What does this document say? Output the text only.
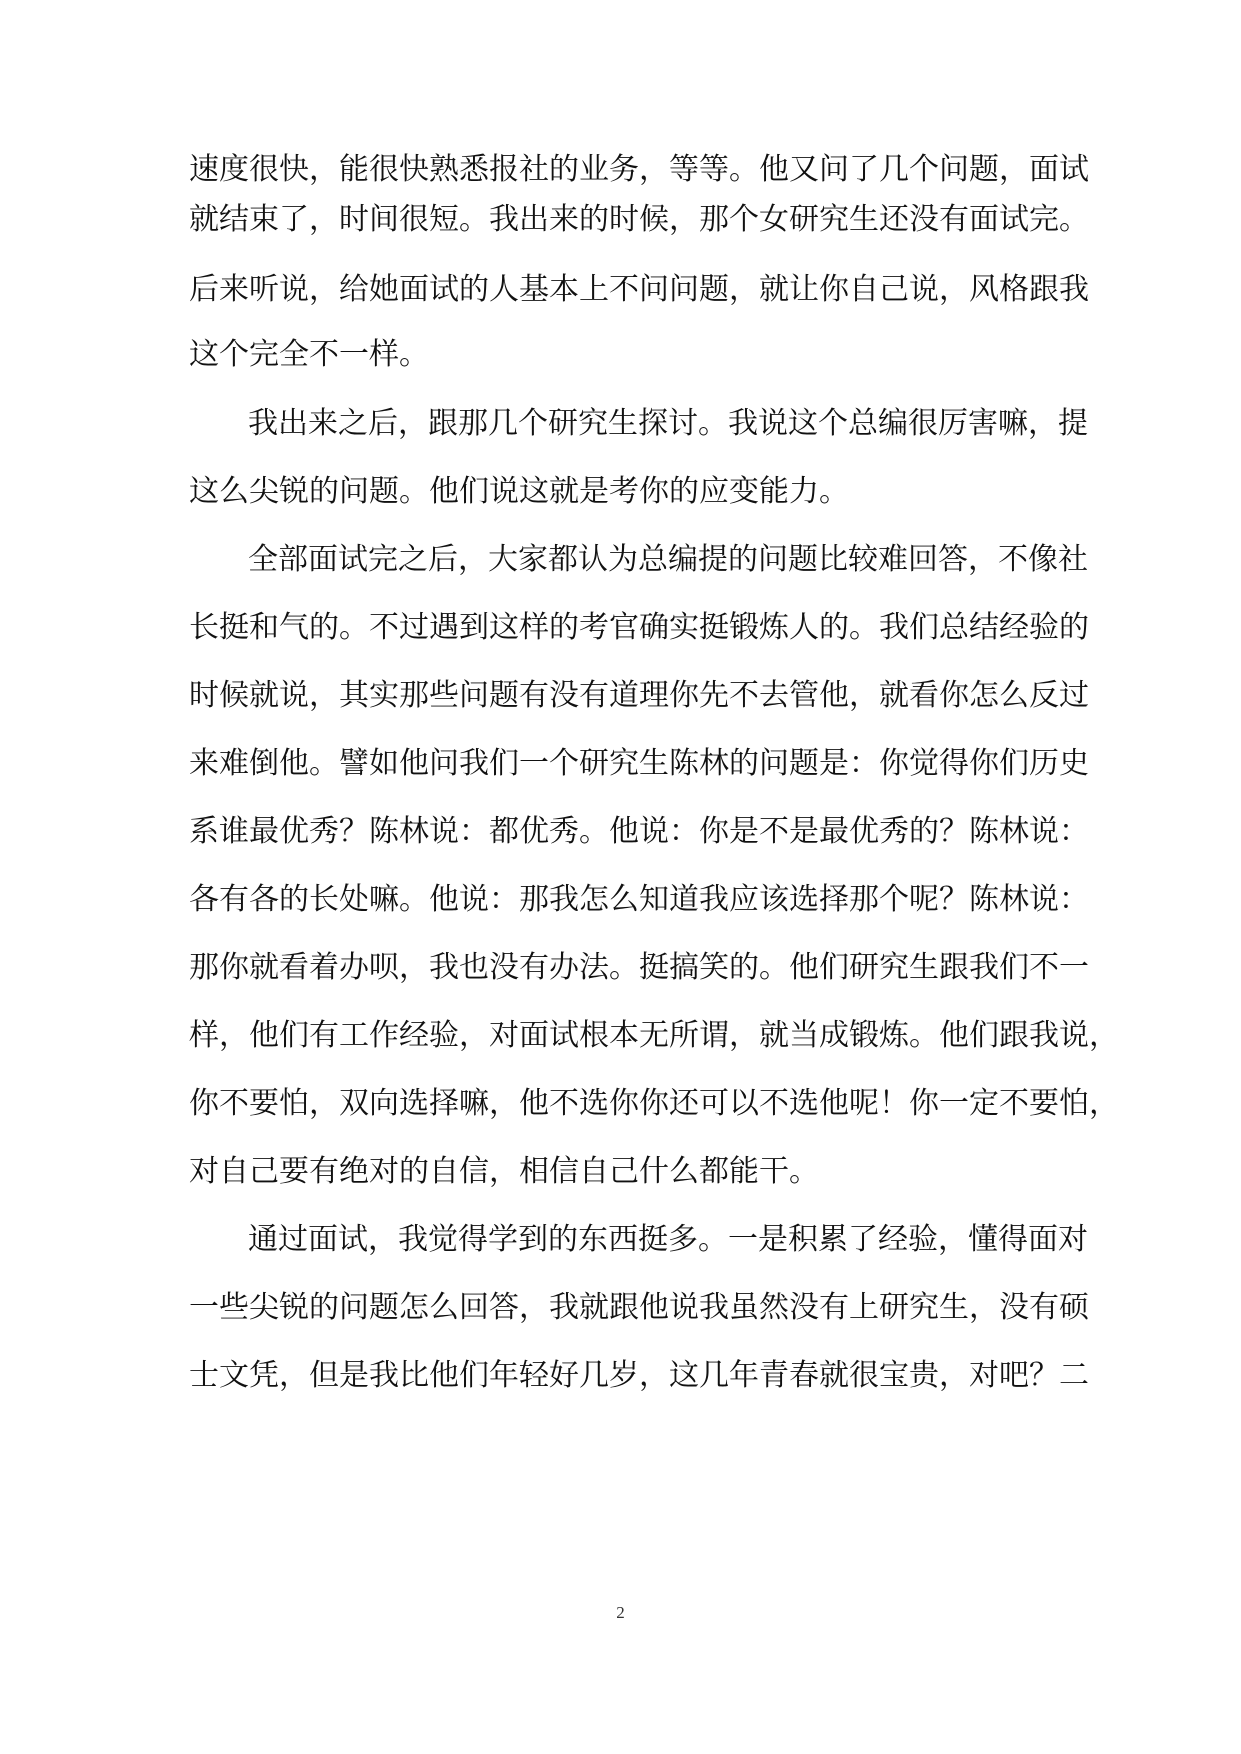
速度很快，能很快熟悉报社的业务，等等。他又问了几个问题，面试
就结束了，时间很短。我出来的时候，那个女研究生还没有面试完。
后来听说，给她面试的人基本上不问问题，就让你自己说，风格跟我
这个完全不一样。
我出来之后，跟那几个研究生探讨。我说这个总编很厉害嘛，提
这么尖锐的问题。他们说这就是考你的应变能力。
全部面试完之后，大家都认为总编提的问题比较难回答，不像社
长挺和气的。不过遇到这样的考官确实挺锻炼人的。我们总结经验的
时候就说，其实那些问题有没有道理你先不去管他，就看你怎么反过
来难倒他。譬如他问我们一个研究生陈林的问题是：你觉得你们历史
系谁最优秀？陈林说：都优秀。他说：你是不是最优秀的？陈林说：
各有各的长处嘛。他说：那我怎么知道我应该选择那个呢？陈林说：
那你就看着办呗，我也没有办法。挺搞笑的。他们研究生跟我们不一
样，他们有工作经验，对面试根本无所谓，就当成锻炼。他们跟我说，
你不要怕，双向选择嘛，他不选你你还可以不选他呢！你一定不要怕，
对自己要有绝对的自信，相信自己什么都能干。
通过面试，我觉得学到的东西挺多。一是积累了经验，懂得面对
一些尖锐的问题怎么回答，我就跟他说我虽然没有上研究生，没有硕
士文凭，但是我比他们年轻好几岁，这几年青春就很宝贵，对吧？二
2
